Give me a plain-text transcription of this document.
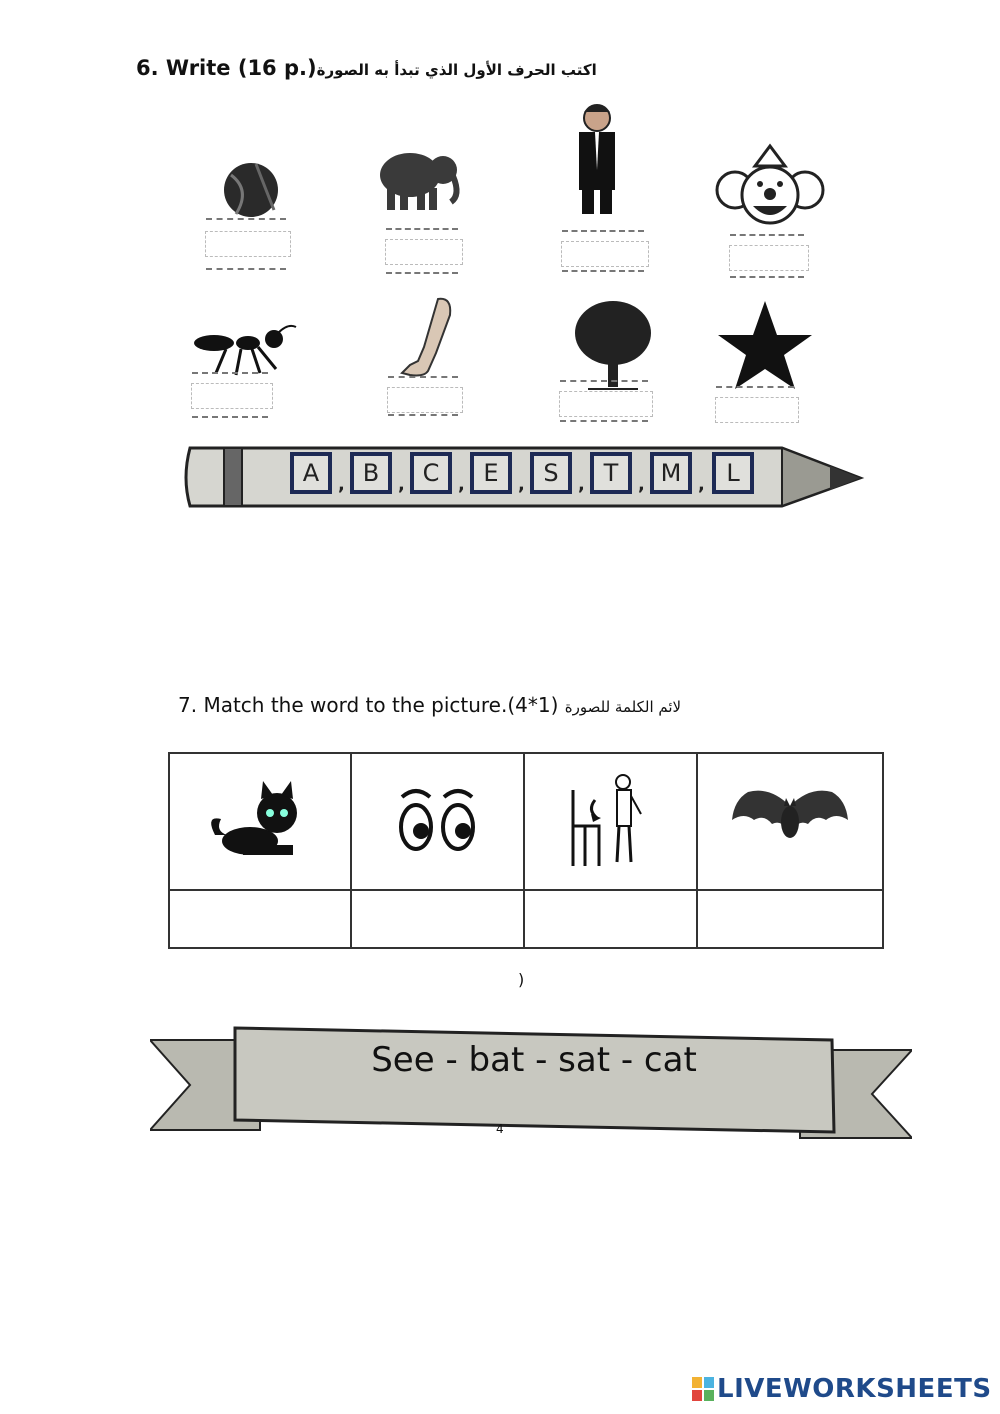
6. Write (16 p.)اكتب الحرف الأول الذي تبدأ به الصورة
A , B , C , E , S , T , M , L
7. Match the word to the picture.(4*1) لائم الكلمة للصورة

)
See - bat - sat - cat
4
LIVEWORKSHEETS
